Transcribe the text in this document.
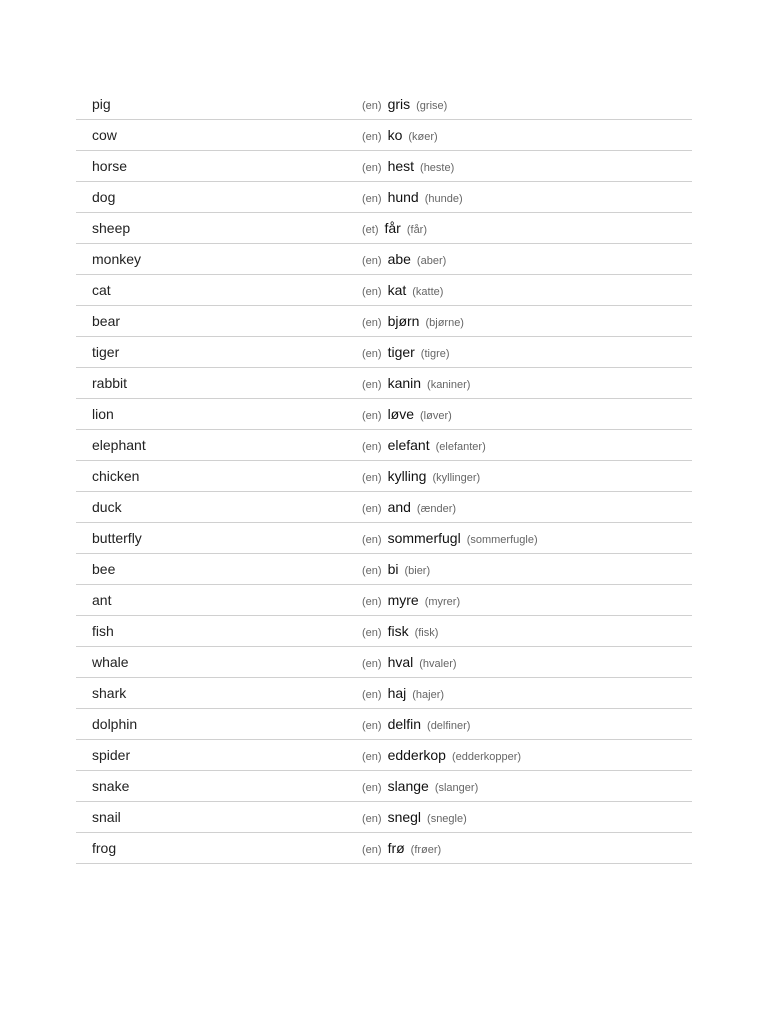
pig	(en) gris (grise)
cow	(en) ko (køer)
horse	(en) hest (heste)
dog	(en) hund (hunde)
sheep	(et) får (får)
monkey	(en) abe (aber)
cat	(en) kat (katte)
bear	(en) bjørn (bjørne)
tiger	(en) tiger (tigre)
rabbit	(en) kanin (kaniner)
lion	(en) løve (løver)
elephant	(en) elefant (elefanter)
chicken	(en) kylling (kyllinger)
duck	(en) and (ænder)
butterfly	(en) sommerfugl (sommerfugle)
bee	(en) bi (bier)
ant	(en) myre (myrer)
fish	(en) fisk (fisk)
whale	(en) hval (hvaler)
shark	(en) haj (hajer)
dolphin	(en) delfin (delfiner)
spider	(en) edderkop (edderkopper)
snake	(en) slange (slanger)
snail	(en) snegl (snegle)
frog	(en) frø (frøer)
